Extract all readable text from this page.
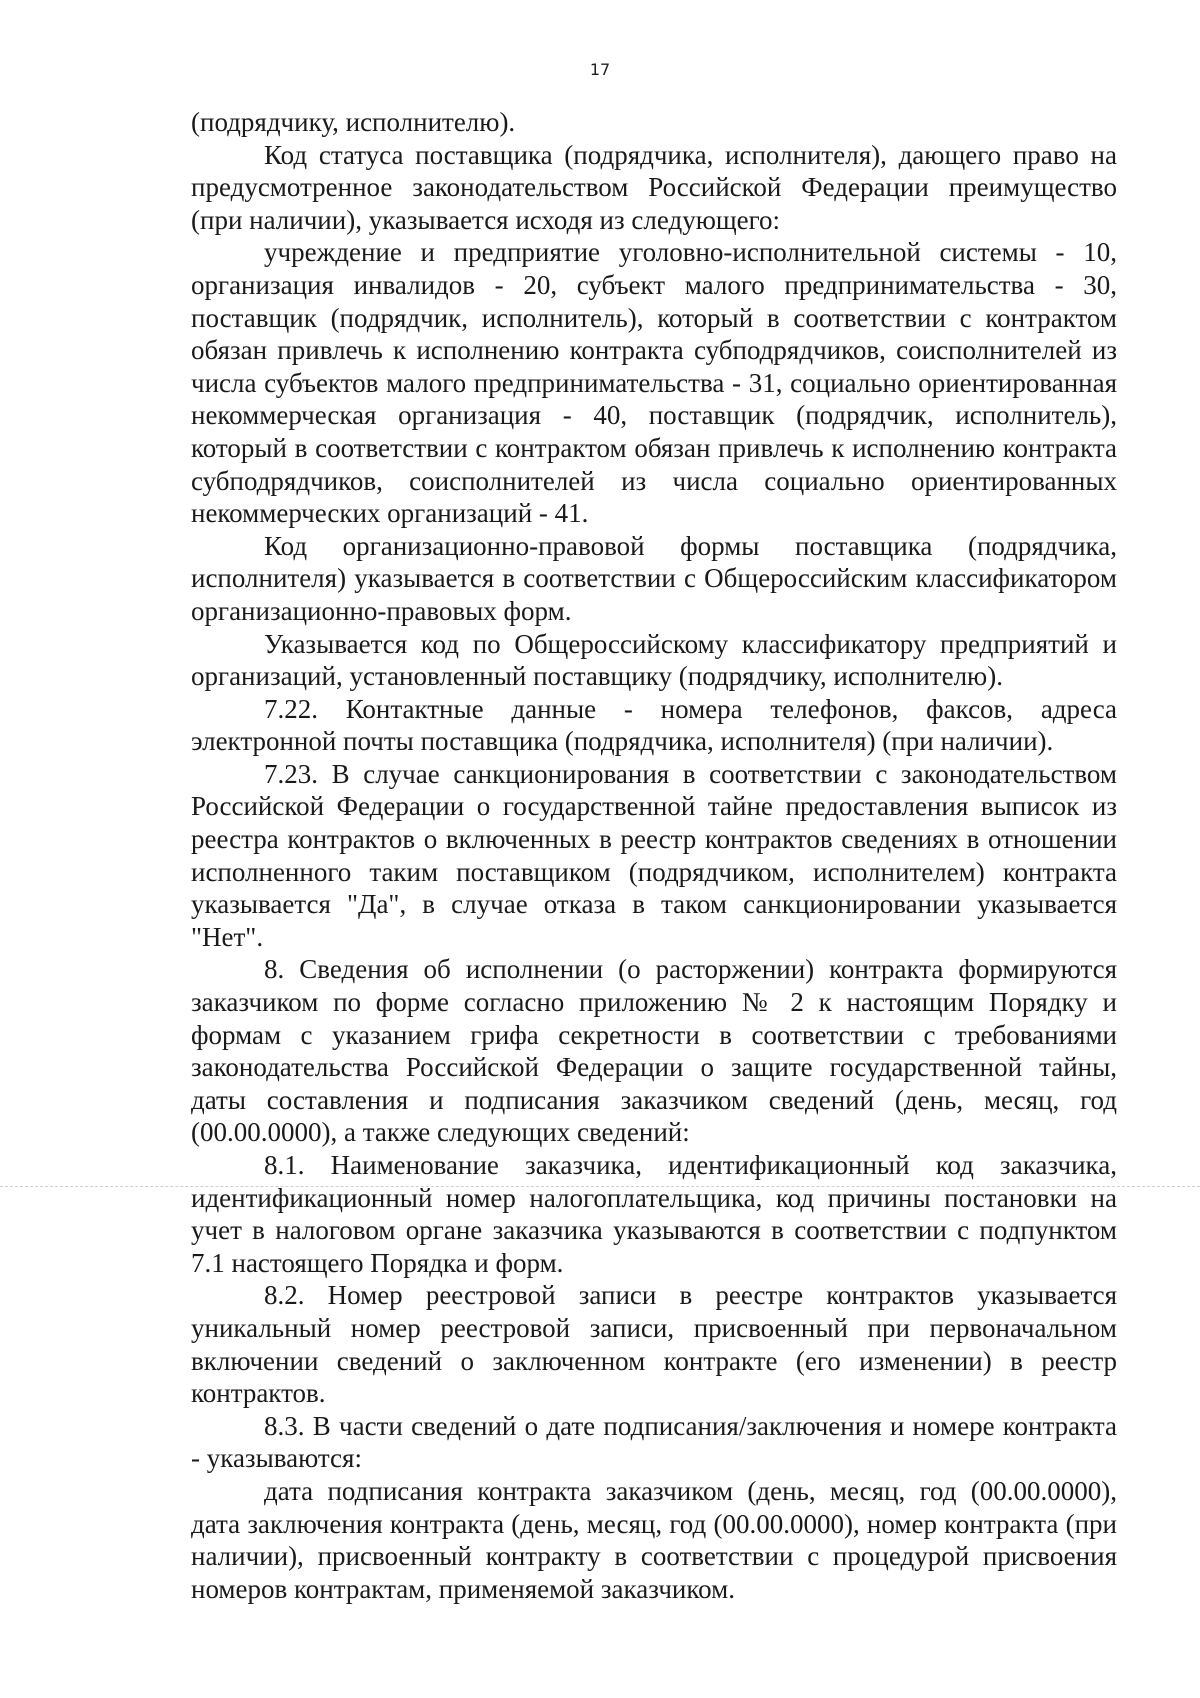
17

(подрядчику, исполнителю).

Код статуса поставщика (подрядчика, исполнителя), дающего право на предусмотренное законодательством Российской Федерации преимущество (при наличии), указывается исходя из следующего:

учреждение и предприятие уголовно-исполнительной системы - 10, организация инвалидов - 20, субъект малого предпринимательства - 30, поставщик (подрядчик, исполнитель), который в соответствии с контрактом обязан привлечь к исполнению контракта субподрядчиков, соисполнителей из числа субъектов малого предпринимательства - 31, социально ориентированная некоммерческая организация - 40, поставщик (подрядчик, исполнитель), который в соответствии с контрактом обязан привлечь к исполнению контракта субподрядчиков, соисполнителей из числа социально ориентированных некоммерческих организаций - 41.

Код организационно-правовой формы поставщика (подрядчика, исполнителя) указывается в соответствии с Общероссийским классификатором организационно-правовых форм.

Указывается код по Общероссийскому классификатору предприятий и организаций, установленный поставщику (подрядчику, исполнителю).

7.22. Контактные данные - номера телефонов, факсов, адреса электронной почты поставщика (подрядчика, исполнителя) (при наличии).

7.23. В случае санкционирования в соответствии с законодательством Российской Федерации о государственной тайне предоставления выписок из реестра контрактов о включенных в реестр контрактов сведениях в отношении исполненного таким поставщиком (подрядчиком, исполнителем) контракта указывается "Да", в случае отказа в таком санкционировании указывается "Нет".

8. Сведения об исполнении (о расторжении) контракта формируются заказчиком по форме согласно приложению № 2 к настоящим Порядку и формам с указанием грифа секретности в соответствии с требованиями законодательства Российской Федерации о защите государственной тайны, даты составления и подписания заказчиком сведений (день, месяц, год (00.00.0000), а также следующих сведений:

8.1. Наименование заказчика, идентификационный код заказчика, идентификационный номер налогоплательщика, код причины постановки на учет в налоговом органе заказчика указываются в соответствии с подпунктом 7.1 настоящего Порядка и форм.

8.2. Номер реестровой записи в реестре контрактов указывается уникальный номер реестровой записи, присвоенный при первоначальном включении сведений о заключенном контракте (его изменении) в реестр контрактов.

8.3. В части сведений о дате подписания/заключения и номере контракта - указываются:

дата подписания контракта заказчиком (день, месяц, год (00.00.0000), дата заключения контракта (день, месяц, год (00.00.0000), номер контракта (при наличии), присвоенный контракту в соответствии с процедурой присвоения номеров контрактам, применяемой заказчиком.
